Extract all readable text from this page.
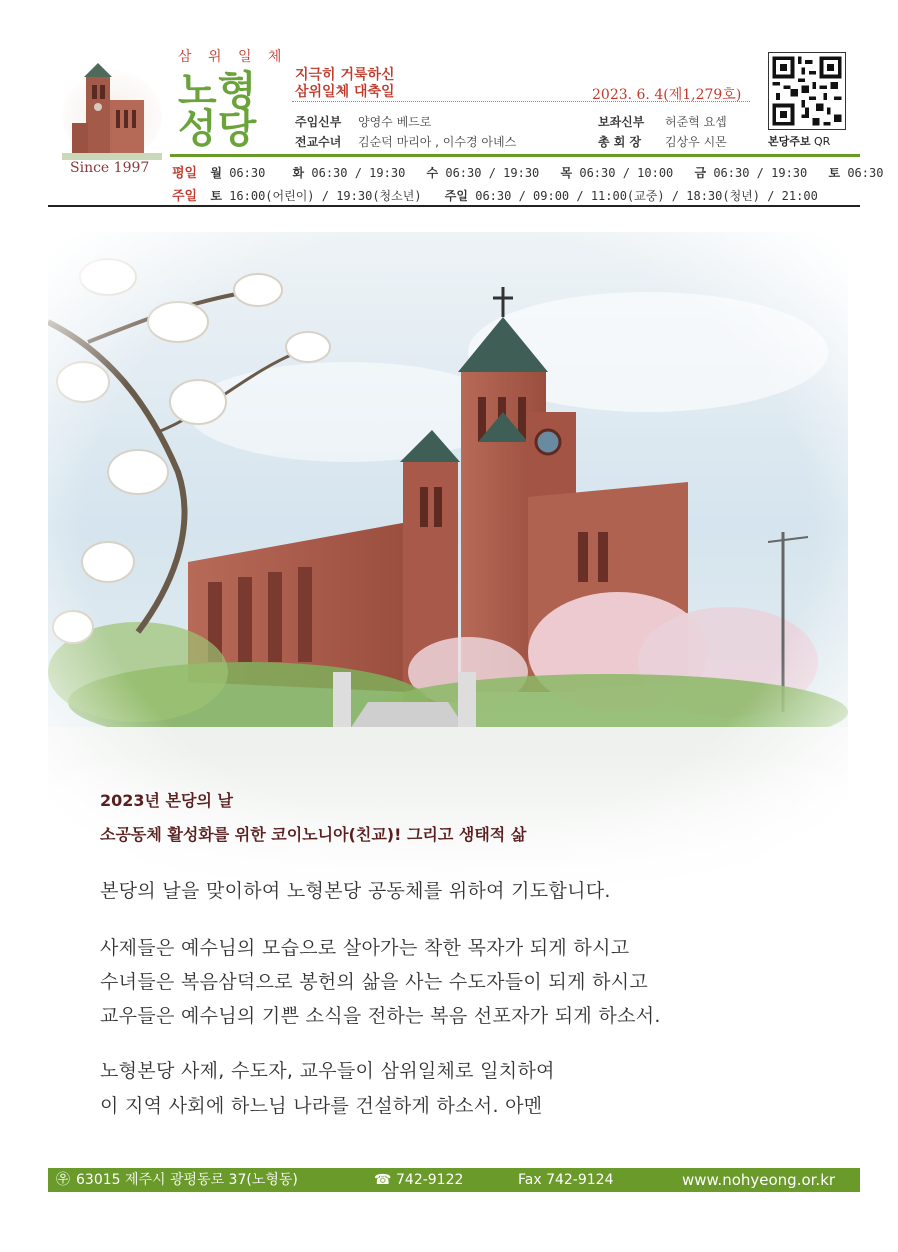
Since 1997
삼 위 일 체
노형
성당
지극히 거룩하신
삼위일체 대축일	2023. 6. 4(제1,279호)
주임신부 양영수 베드로	보좌신부 허준혁 요셉
전교수녀 김순덕 마리아 , 이수경 아녜스	총 회 장 김상우 시몬	본당주보 QR
평일 월 06:30 화 06:30 / 19:30 수 06:30 / 19:30 목 06:30 / 10:00 금 06:30 / 19:30 토 06:30
주일 토 16:00(어린이) / 19:30(청소년) 주일 06:30 / 09:00 / 11:00(교중) / 18:30(청년) / 21:00
2023년 본당의 날
소공동체 활성화를 위한 코이노니아(친교)! 그리고 생태적 삶
본당의 날을 맞이하여 노형본당 공동체를 위하여 기도합니다.
사제들은 예수님의 모습으로 살아가는 착한 목자가 되게 하시고
수녀들은 복음삼덕으로 봉헌의 삶을 사는 수도자들이 되게 하시고
교우들은 예수님의 기쁜 소식을 전하는 복음 선포자가 되게 하소서.
노형본당 사제, 수도자, 교우들이 삼위일체로 일치하여
이 지역 사회에 하느님 나라를 건설하게 하소서. 아멘
㉾ 63015 제주시 광평동로 37(노형동)	☎ 742-9122	Fax 742-9124	www.nohyeong.or.kr
